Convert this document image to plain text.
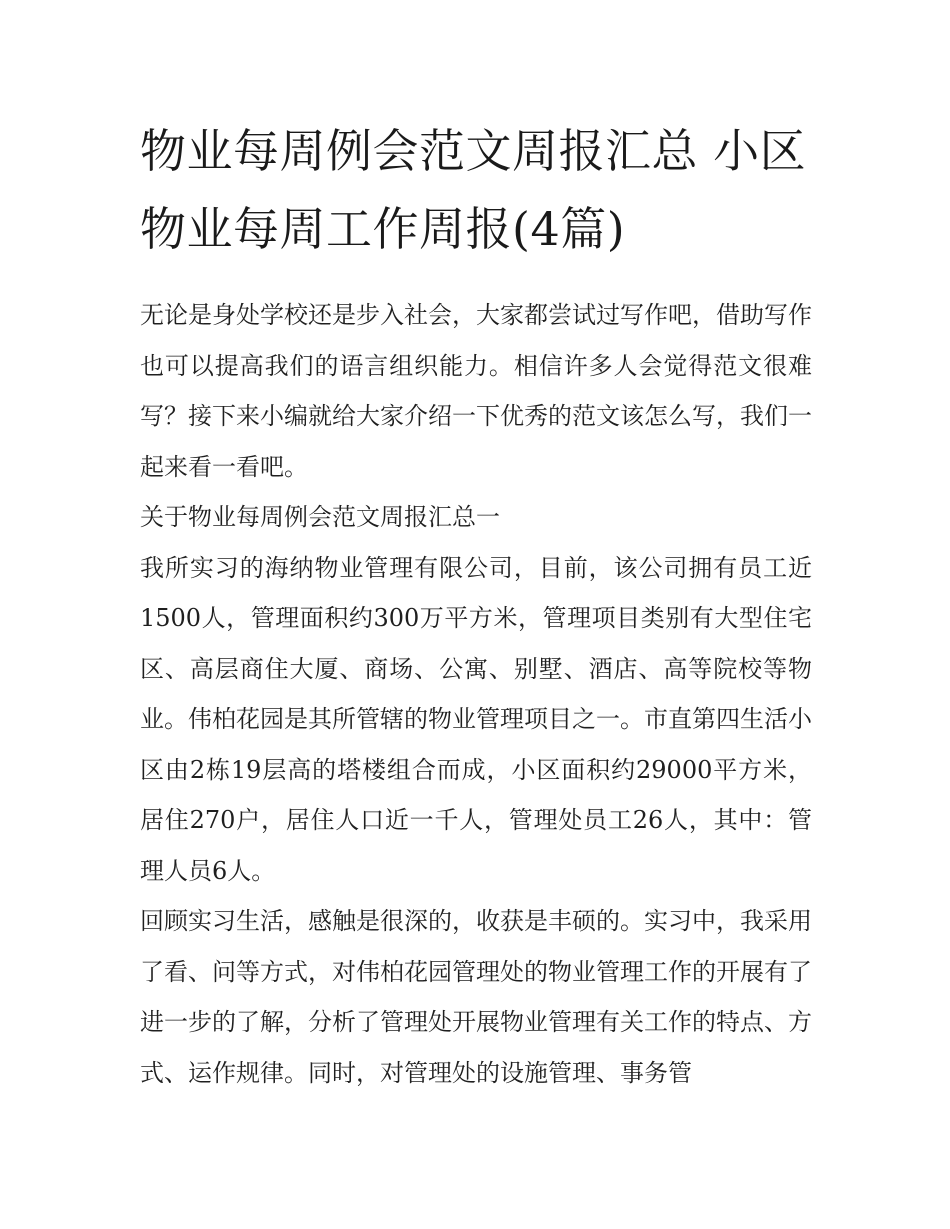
物业每周例会范文周报汇总 小区物业每周工作周报(4篇)

无论是身处学校还是步入社会，大家都尝试过写作吧，借助写作也可以提高我们的语言组织能力。相信许多人会觉得范文很难写？接下来小编就给大家介绍一下优秀的范文该怎么写，我们一起来看一看吧。

关于物业每周例会范文周报汇总一

我所实习的海纳物业管理有限公司，目前，该公司拥有员工近1500人，管理面积约300万平方米，管理项目类别有大型住宅区、高层商住大厦、商场、公寓、别墅、酒店、高等院校等物业。伟柏花园是其所管辖的物业管理项目之一。市直第四生活小区由2栋19层高的塔楼组合而成，小区面积约29000平方米，居住270户，居住人口近一千人，管理处员工26人，其中：管理人员6人。

回顾实习生活，感触是很深的，收获是丰硕的。实习中，我采用了看、问等方式，对伟柏花园管理处的物业管理工作的开展有了进一步的了解，分析了管理处开展物业管理有关工作的特点、方式、运作规律。同时，对管理处的设施管理、事务管
